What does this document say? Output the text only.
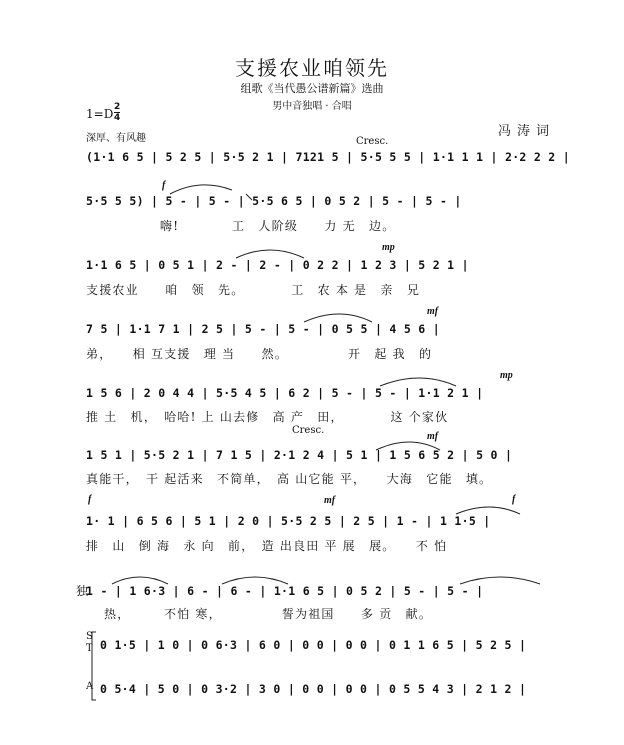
支援农业咱领先
组歌《当代愚公谱新篇》选曲
男中音独唱 · 合唱
1=D 2
4
冯涛词
深厚、有风趣	Cresc.
f
mp
mf
mp
Cresc.
mf
f	mf	f
独
S
T
A
(1·1 6 5 | 5 2 5 | 5·5 2 1 | 7121 5 | 5·5 5 5 | 1·1 1 1 | 2·2 2 2 |
5·5 5 5) | 5 - | 5 - | 5·5 6 5 | 0 5 2 | 5 - | 5 - |
嗨!　　　　工　人阶级　　力 无　边。
1·1 6 5 | 0 5 1 | 2 - | 2 - | 0 2 2 | 1 2 3 | 5 2 1 |
支援农业　　咱　领　先。　　　　工　农 本 是　亲　兄
7 5 | 1·1 7 1 | 2 5 | 5 - | 5 - | 0 5 5 | 4 5 6 |
弟，　　相 互支援　理 当　　然。　　　　　开　起 我　的
1 5 6 | 2 0 4 4 | 5·5 4 5 | 6 2 | 5 - | 5 - | 1·1 2 1 |
推 土　机，　哈哈! 上 山去修　高 产　田，　　　　这 个家伙
1 5 1 | 5·5 2 1 | 7 1 5 | 2·1 2 4 | 5 1 | 1 5 6 5 2 | 5 0 |
真能干，　干 起活来　不简单，　高 山它能 平，　　大海　它能　填。
1· 1 | 6 5 6 | 5 1 | 2 0 | 5·5 2 5 | 2 5 | 1 - | 1 1·5 |
排　山　倒 海　永 向　前，　造 出良田 平 展　展。　　不 怕
1 - | 1 6·3 | 6 - | 6 - | 1·1 6 5 | 0 5 2 | 5 - | 5 - |
热，　　　不怕 寒，　　　　　誓为祖国　　多 贡　献。
0 1·5 | 1 0 | 0 6·3 | 6 0 | 0 0 | 0 0 | 0 1 1 6 5 | 5 2 5 |
0 5·4 | 5 0 | 0 3·2 | 3 0 | 0 0 | 0 0 | 0 5 5 4 3 | 2 1 2 |
